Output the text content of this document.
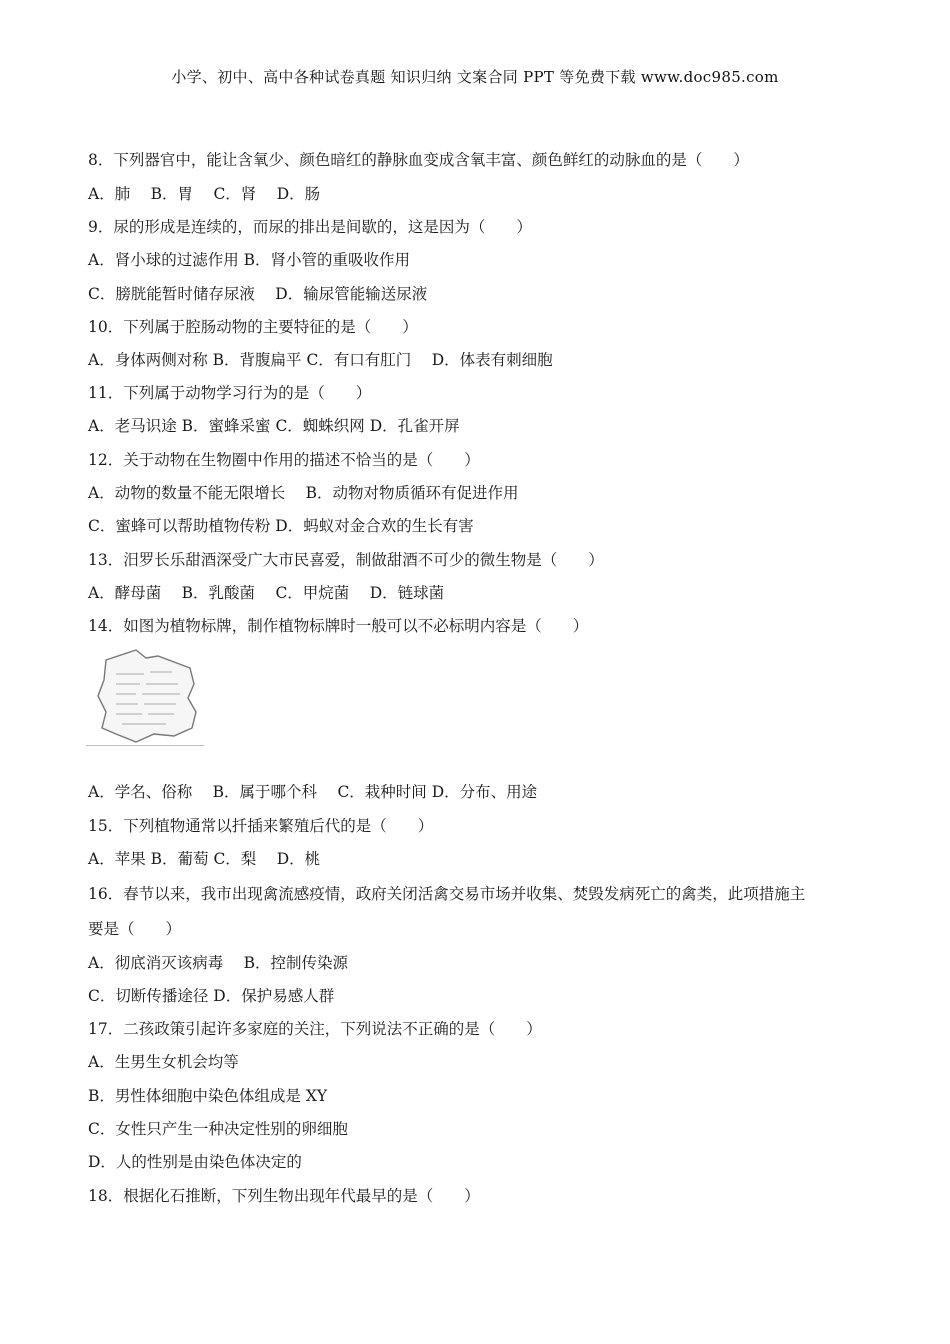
小学、初中、高中各种试卷真题 知识归纳 文案合同 PPT 等免费下载 www.doc985.com
8．下列器官中，能让含氧少、颜色暗红的静脉血变成含氧丰富、颜色鲜红的动脉血的是（　　）
A．肺　 B．胃　 C．肾　 D．肠
9．尿的形成是连续的，而尿的排出是间歇的，这是因为（　　）
A．肾小球的过滤作用 B．肾小管的重吸收作用
C．膀胱能暂时储存尿液　 D．输尿管能输送尿液
10．下列属于腔肠动物的主要特征的是（　　）
A．身体两侧对称 B．背腹扁平 C．有口有肛门　 D．体表有刺细胞
11．下列属于动物学习行为的是（　　）
A．老马识途 B．蜜蜂采蜜 C．蜘蛛织网 D．孔雀开屏
12．关于动物在生物圈中作用的描述不恰当的是（　　）
A．动物的数量不能无限增长　 B．动物对物质循环有促进作用
C．蜜蜂可以帮助植物传粉 D．蚂蚁对金合欢的生长有害
13．汨罗长乐甜酒深受广大市民喜爱，制做甜酒不可少的微生物是（　　）
A．酵母菌　 B．乳酸菌　 C．甲烷菌　 D．链球菌
14．如图为植物标牌，制作植物标牌时一般可以不必标明内容是（　　）
A．学名、俗称　 B．属于哪个科　 C．栽种时间 D．分布、用途
15．下列植物通常以扦插来繁殖后代的是（　　）
A．苹果 B．葡萄 C．梨　 D．桃
16．春节以来，我市出现禽流感疫情，政府关闭活禽交易市场并收集、焚毁发病死亡的禽类，此项措施主
要是（　　）
A．彻底消灭该病毒　 B．控制传染源
C．切断传播途径 D．保护易感人群
17．二孩政策引起许多家庭的关注，下列说法不正确的是（　　）
A．生男生女机会均等
B．男性体细胞中染色体组成是 XY
C．女性只产生一种决定性别的卵细胞
D．人的性别是由染色体决定的
18．根据化石推断，下列生物出现年代最早的是（　　）
